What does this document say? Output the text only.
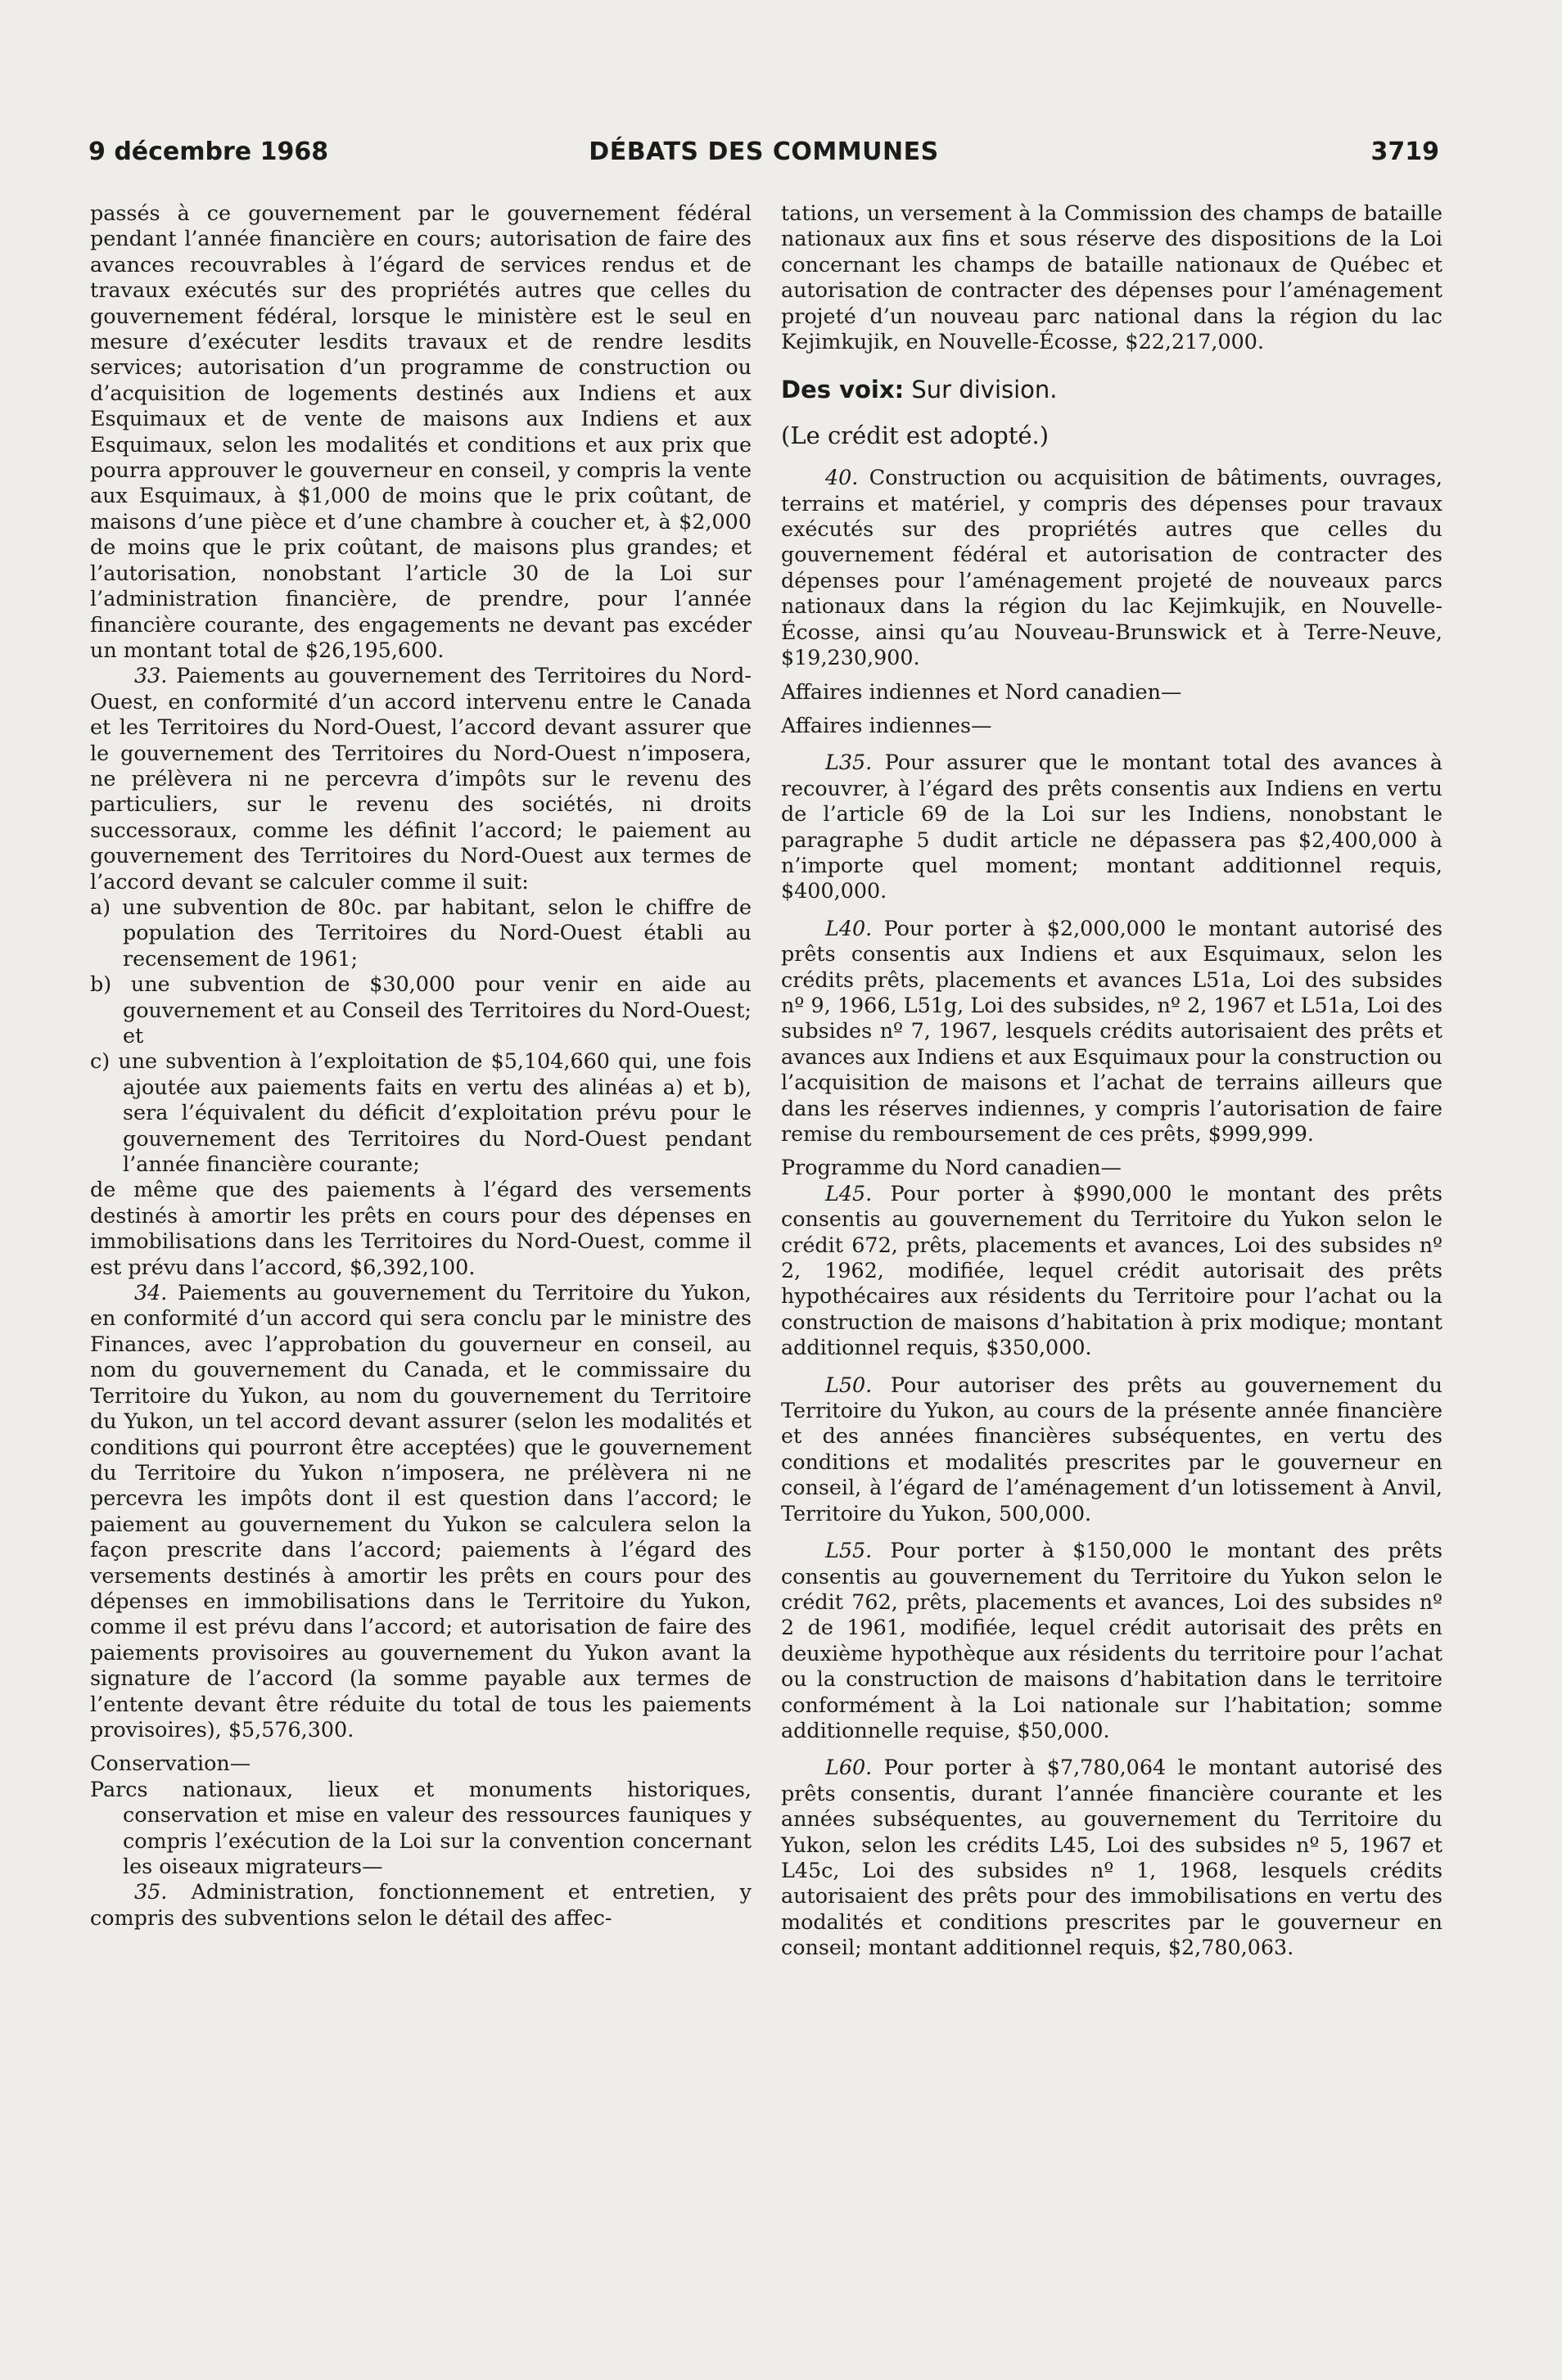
9 décembre 1968	DÉBATS DES COMMUNES	3719

passés à ce gouvernement par le gouvernement fédéral pendant l’année financière en cours; autorisation de faire des avances recouvrables à l’égard de services rendus et de travaux exécutés sur des propriétés autres que celles du gouvernement fédéral, lorsque le ministère est le seul en mesure d’exécuter lesdits travaux et de rendre lesdits services; autorisation d’un programme de construction ou d’acquisition de logements destinés aux Indiens et aux Esquimaux et de vente de maisons aux Indiens et aux Esquimaux, selon les modalités et conditions et aux prix que pourra approuver le gouverneur en conseil, y compris la vente aux Esquimaux, à $1,000 de moins que le prix coûtant, de maisons d’une pièce et d’une chambre à coucher et, à $2,000 de moins que le prix coûtant, de maisons plus grandes; et l’autorisation, nonobstant l’article 30 de la Loi sur l’administration financière, de prendre, pour l’année financière courante, des engagements ne devant pas excéder un montant total de $26,195,600.

33. Paiements au gouvernement des Territoires du Nord-Ouest, en conformité d’un accord intervenu entre le Canada et les Territoires du Nord-Ouest, l’accord devant assurer que le gouvernement des Territoires du Nord-Ouest n’imposera, ne prélèvera ni ne percevra d’impôts sur le revenu des particuliers, sur le revenu des sociétés, ni droits successoraux, comme les définit l’accord; le paiement au gouvernement des Territoires du Nord-Ouest aux termes de l’accord devant se calculer comme il suit:

a) une subvention de 80c. par habitant, selon le chiffre de population des Territoires du Nord-Ouest établi au recensement de 1961;

b) une subvention de $30,000 pour venir en aide au gouvernement et au Conseil des Territoires du Nord-Ouest; et

c) une subvention à l’exploitation de $5,104,660 qui, une fois ajoutée aux paiements faits en vertu des alinéas a) et b), sera l’équivalent du déficit d’exploitation prévu pour le gouvernement des Territoires du Nord-Ouest pendant l’année financière courante;

de même que des paiements à l’égard des versements destinés à amortir les prêts en cours pour des dépenses en immobilisations dans les Territoires du Nord-Ouest, comme il est prévu dans l’accord, $6,392,100.

34. Paiements au gouvernement du Territoire du Yukon, en conformité d’un accord qui sera conclu par le ministre des Finances, avec l’approbation du gouverneur en conseil, au nom du gouvernement du Canada, et le commissaire du Territoire du Yukon, au nom du gouvernement du Territoire du Yukon, un tel accord devant assurer (selon les modalités et conditions qui pourront être acceptées) que le gouvernement du Territoire du Yukon n’imposera, ne prélèvera ni ne percevra les impôts dont il est question dans l’accord; le paiement au gouvernement du Yukon se calculera selon la façon prescrite dans l’accord; paiements à l’égard des versements destinés à amortir les prêts en cours pour des dépenses en immobilisations dans le Territoire du Yukon, comme il est prévu dans l’accord; et autorisation de faire des paiements provisoires au gouvernement du Yukon avant la signature de l’accord (la somme payable aux termes de l’entente devant être réduite du total de tous les paiements provisoires), $5,576,300.

Conservation—

Parcs nationaux, lieux et monuments historiques, conservation et mise en valeur des ressources fauniques y compris l’exécution de la Loi sur la convention concernant les oiseaux migrateurs—

35. Administration, fonctionnement et entretien, y compris des subventions selon le détail des affec-

tations, un versement à la Commission des champs de bataille nationaux aux fins et sous réserve des dispositions de la Loi concernant les champs de bataille nationaux de Québec et autorisation de contracter des dépenses pour l’aménagement projeté d’un nouveau parc national dans la région du lac Kejimkujik, en Nouvelle-Écosse, $22,217,000.

Des voix: Sur division.

(Le crédit est adopté.)

40. Construction ou acquisition de bâtiments, ouvrages, terrains et matériel, y compris des dépenses pour travaux exécutés sur des propriétés autres que celles du gouvernement fédéral et autorisation de contracter des dépenses pour l’aménagement projeté de nouveaux parcs nationaux dans la région du lac Kejimkujik, en Nouvelle-Écosse, ainsi qu’au Nouveau-Brunswick et à Terre-Neuve, $19,230,900.

Affaires indiennes et Nord canadien—

Affaires indiennes—

L35. Pour assurer que le montant total des avances à recouvrer, à l’égard des prêts consentis aux Indiens en vertu de l’article 69 de la Loi sur les Indiens, nonobstant le paragraphe 5 dudit article ne dépassera pas $2,400,000 à n’importe quel moment; montant additionnel requis, $400,000.

L40. Pour porter à $2,000,000 le montant autorisé des prêts consentis aux Indiens et aux Esquimaux, selon les crédits prêts, placements et avances L51a, Loi des subsides nº 9, 1966, L51g, Loi des subsides, nº 2, 1967 et L51a, Loi des subsides nº 7, 1967, lesquels crédits autorisaient des prêts et avances aux Indiens et aux Esquimaux pour la construction ou l’acquisition de maisons et l’achat de terrains ailleurs que dans les réserves indiennes, y compris l’autorisation de faire remise du remboursement de ces prêts, $999,999.

Programme du Nord canadien—

L45. Pour porter à $990,000 le montant des prêts consentis au gouvernement du Territoire du Yukon selon le crédit 672, prêts, placements et avances, Loi des subsides nº 2, 1962, modifiée, lequel crédit autorisait des prêts hypothécaires aux résidents du Territoire pour l’achat ou la construction de maisons d’habitation à prix modique; montant additionnel requis, $350,000.

L50. Pour autoriser des prêts au gouvernement du Territoire du Yukon, au cours de la présente année financière et des années financières subséquentes, en vertu des conditions et modalités prescrites par le gouverneur en conseil, à l’égard de l’aménagement d’un lotissement à Anvil, Territoire du Yukon, 500,000.

L55. Pour porter à $150,000 le montant des prêts consentis au gouvernement du Territoire du Yukon selon le crédit 762, prêts, placements et avances, Loi des subsides nº 2 de 1961, modifiée, lequel crédit autorisait des prêts en deuxième hypothèque aux résidents du territoire pour l’achat ou la construction de maisons d’habitation dans le territoire conformément à la Loi nationale sur l’habitation; somme additionnelle requise, $50,000.

L60. Pour porter à $7,780,064 le montant autorisé des prêts consentis, durant l’année financière courante et les années subséquentes, au gouvernement du Territoire du Yukon, selon les crédits L45, Loi des subsides nº 5, 1967 et L45c, Loi des subsides nº 1, 1968, lesquels crédits autorisaient des prêts pour des immobilisations en vertu des modalités et conditions prescrites par le gouverneur en conseil; montant additionnel requis, $2,780,063.
